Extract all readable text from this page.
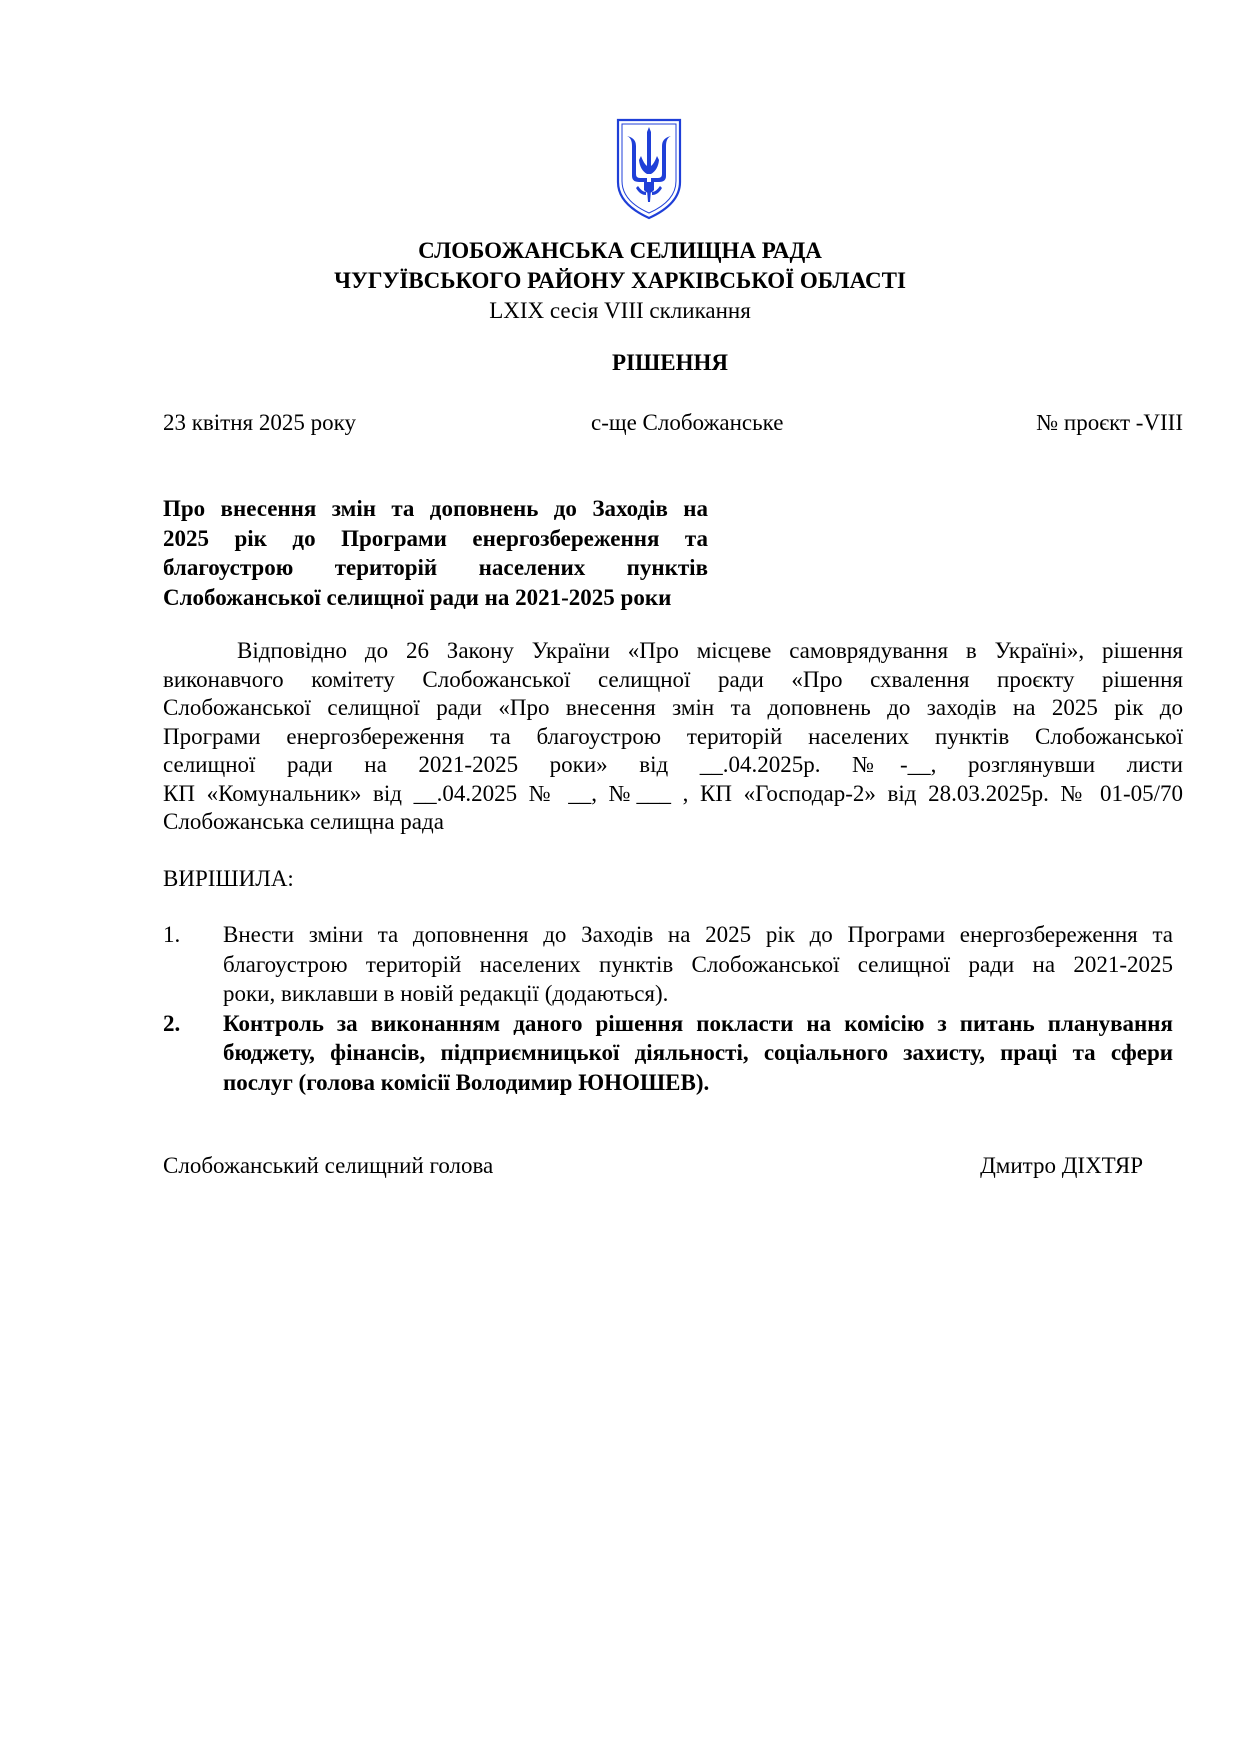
СЛОБОЖАНСЬКА СЕЛИЩНА РАДА
ЧУГУЇВСЬКОГО РАЙОНУ ХАРКІВСЬКОЇ ОБЛАСТІ
LXIX сесія VIII скликання
РІШЕННЯ
23 квітня 2025 року	с-ще Слобожанське	№ проєкт -VIII
Про внесення змін та доповнень до Заходів на
2025 рік до Програми енергозбереження та
благоустрою територій населених пунктів
Слобожанської селищної ради на 2021-2025 роки
Відповідно до 26 Закону України «Про місцеве самоврядування в Україні», рішення
виконавчого комітету Слобожанської селищної ради «Про схвалення проєкту рішення
Слобожанської селищної ради «Про внесення змін та доповнень до заходів на 2025 рік до
Програми енергозбереження та благоустрою територій населених пунктів Слобожанської
селищної ради на 2021-2025 роки» від __.04.2025р. №-__, розглянувши листи
КП «Комунальник» від __.04.2025 № __, №___ , КП «Господар-2» від 28.03.2025р. № 01-05/70
Слобожанська селищна рада
ВИРІШИЛА:
1. Внести зміни та доповнення до Заходів на 2025 рік до Програми енергозбереження та
благоустрою територій населених пунктів Слобожанської селищної ради на 2021-2025
роки, виклавши в новій редакції (додаються).
2. Контроль за виконанням даного рішення покласти на комісію з питань планування
бюджету, фінансів, підприємницької діяльності, соціального захисту, праці та сфери
послуг (голова комісії Володимир ЮНОШЕВ).
Слобожанський селищний голова	Дмитро ДІХТЯР
